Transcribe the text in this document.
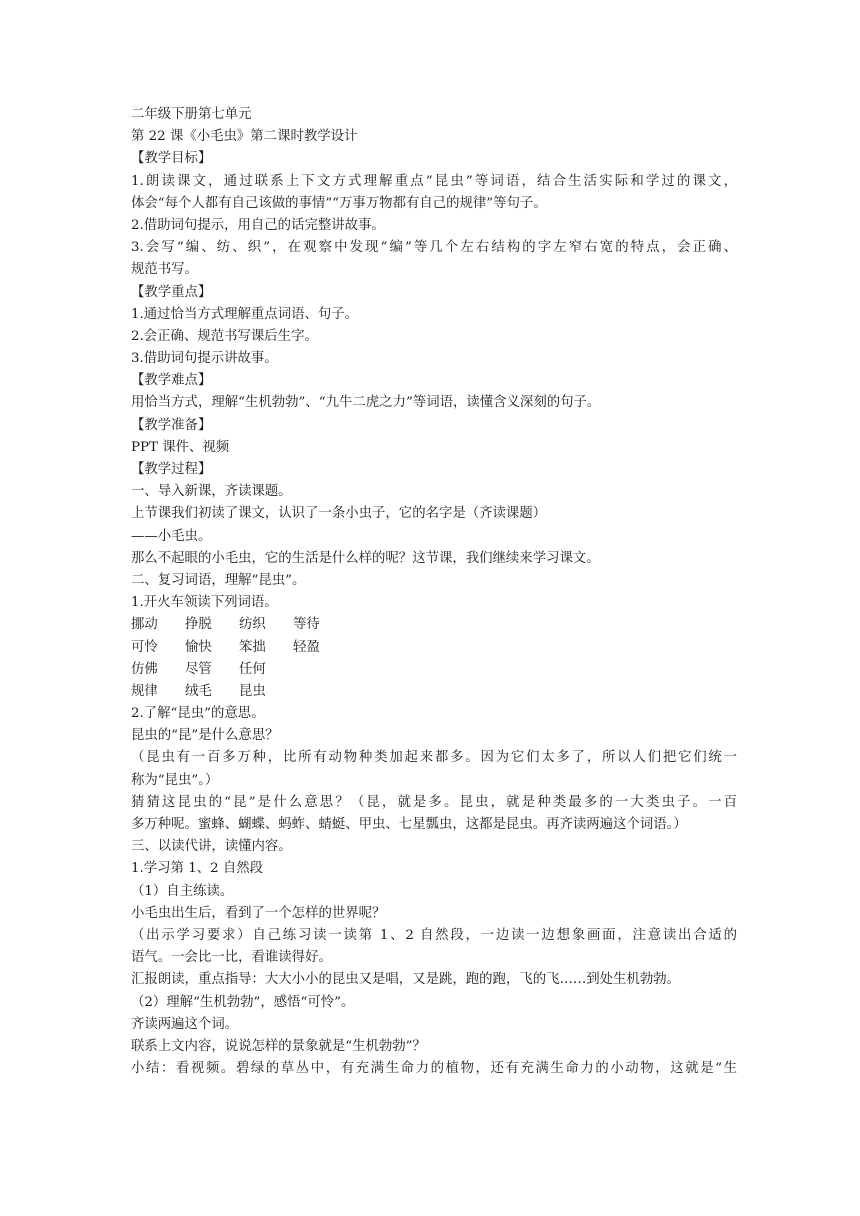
二年级下册第七单元
第 22 课《小毛虫》第二课时教学设计
【教学目标】
1.朗读课文，通过联系上下文方式理解重点“昆虫”等词语，结合生活实际和学过的课文，
体会“每个人都有自己该做的事情”“万事万物都有自己的规律”等句子。
2.借助词句提示，用自己的话完整讲故事。
3.会写“编、纺、织”，在观察中发现“编”等几个左右结构的字左窄右宽的特点，会正确、
规范书写。
【教学重点】
1.通过恰当方式理解重点词语、句子。
2.会正确、规范书写课后生字。
3.借助词句提示讲故事。
【教学难点】
用恰当方式，理解“生机勃勃”、“九牛二虎之力”等词语，读懂含义深刻的句子。
【教学准备】
PPT 课件、视频
【教学过程】
一、导入新课，齐读课题。
上节课我们初读了课文，认识了一条小虫子，它的名字是（齐读课题）
——小毛虫。
那么不起眼的小毛虫，它的生活是什么样的呢？这节课，我们继续来学习课文。
二、复习词语，理解“昆虫”。
1.开火车领读下列词语。
挪动	挣脱	纺织	等待
可怜	愉快	笨拙	轻盈
仿佛	尽管	任何
规律	绒毛	昆虫
2.了解“昆虫”的意思。
昆虫的“昆”是什么意思？
（昆虫有一百多万种，比所有动物种类加起来都多。因为它们太多了，所以人们把它们统一
称为“昆虫”。）
猜猜这昆虫的“昆”是什么意思？（昆，就是多。昆虫，就是种类最多的一大类虫子。一百
多万种呢。蜜蜂、蝴蝶、蚂蚱、蜻蜓、甲虫、七星瓢虫，这都是昆虫。再齐读两遍这个词语。）
三、以读代讲，读懂内容。
1.学习第 1、2 自然段
（1）自主练读。
小毛虫出生后，看到了一个怎样的世界呢？
（出示学习要求）自己练习读一读第 1、2 自然段，一边读一边想象画面，注意读出合适的
语气。一会比一比，看谁读得好。
汇报朗读，重点指导：大大小小的昆虫又是唱，又是跳，跑的跑，飞的飞……到处生机勃勃。
（2）理解“生机勃勃”，感悟“可怜”。
齐读两遍这个词。
联系上文内容，说说怎样的景象就是“生机勃勃”？
小结：看视频。碧绿的草丛中，有充满生命力的植物，还有充满生命力的小动物，这就是“生
